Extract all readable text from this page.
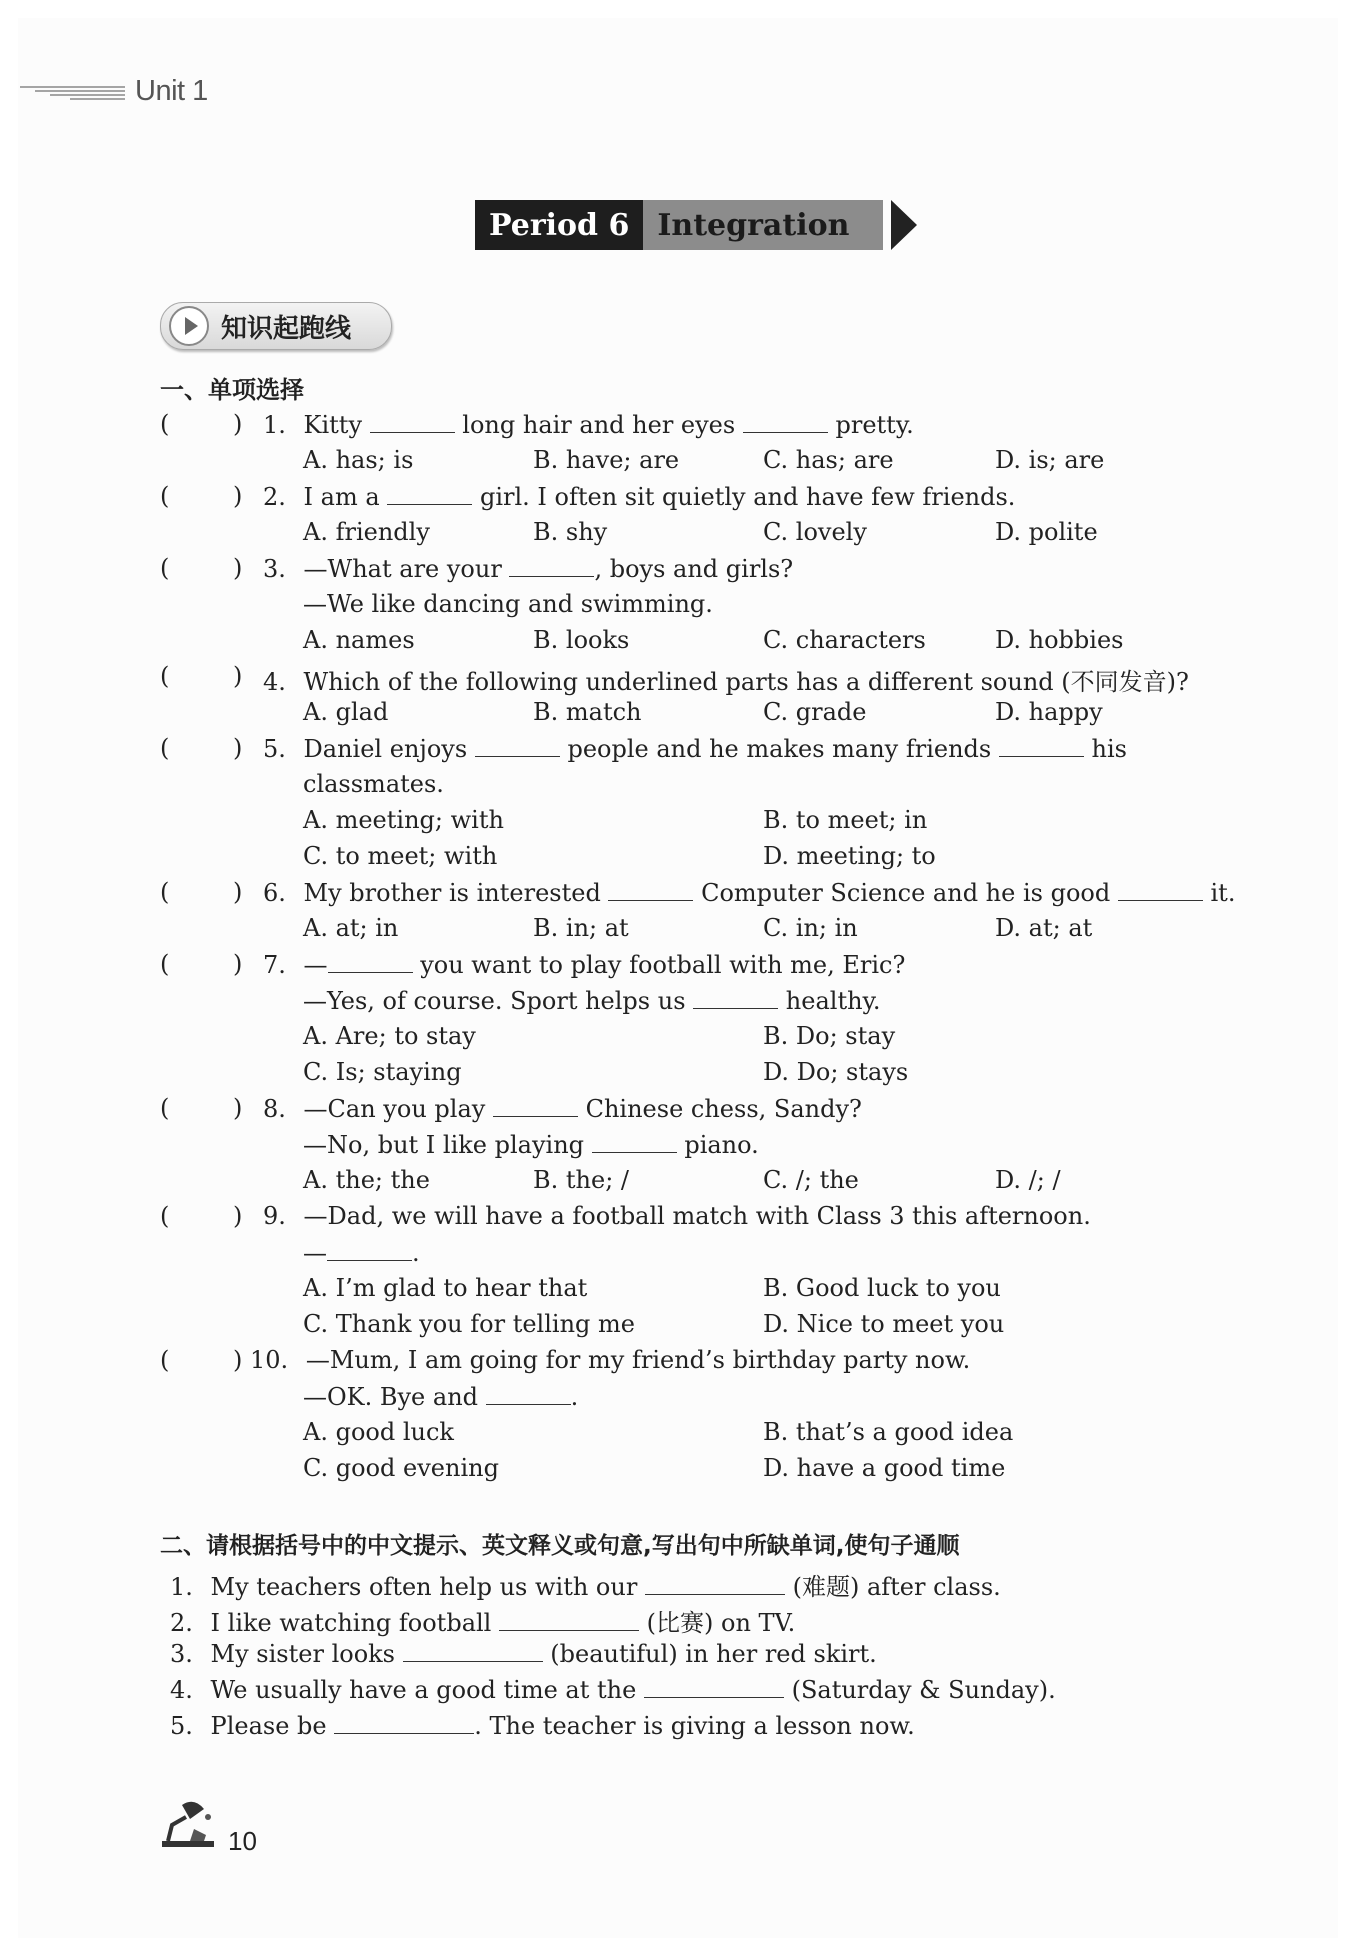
Unit 1
Period 6 Integration
知识起跑线
一、单项选择
(	) 1. Kitty	long hair and her eyes	pretty.
A. has; is	B. have; are	C. has; are	D. is; are
(	) 2. I am a	girl. I often sit quietly and have few friends.
A. friendly	B. shy	C. lovely	D. polite
(	) 3. —What are your	, boys and girls?
—We like dancing and swimming.
A. names	B. looks	C. characters	D. hobbies
(	) 4. Which of the following underlined parts has a different sound (不同发音)?
A. glad	B. match	C. grade	D. happy
(	) 5. Daniel enjoys	people and he makes many friends	his
classmates.
A. meeting; with	B. to meet; in
C. to meet; with	D. meeting; to
(	) 6. My brother is interested	Computer Science and he is good	it.
A. at; in	B. in; at	C. in; in	D. at; at
(	) 7. —	you want to play football with me, Eric?
—Yes, of course. Sport helps us	healthy.
A. Are; to stay	B. Do; stay
C. Is; staying	D. Do; stays
(	) 8. —Can you play	Chinese chess, Sandy?
—No, but I like playing	piano.
A. the; the	B. the; /	C. /; the	D. /; /
(	) 9. —Dad, we will have a football match with Class 3 this afternoon.
—	.
A. I’m glad to hear that	B. Good luck to you
C. Thank you for telling me	D. Nice to meet you
(	) 10. —Mum, I am going for my friend’s birthday party now.
—OK. Bye and	.
A. good luck	B. that’s a good idea
C. good evening	D. have a good time
二、请根据括号中的中文提示、英文释义或句意,写出句中所缺单词,使句子通顺
1. My teachers often help us with our	(难题) after class.
2. I like watching football	(比赛) on TV.
3. My sister looks	(beautiful) in her red skirt.
4. We usually have a good time at the	(Saturday & Sunday).
5. Please be	. The teacher is giving a lesson now.
10
